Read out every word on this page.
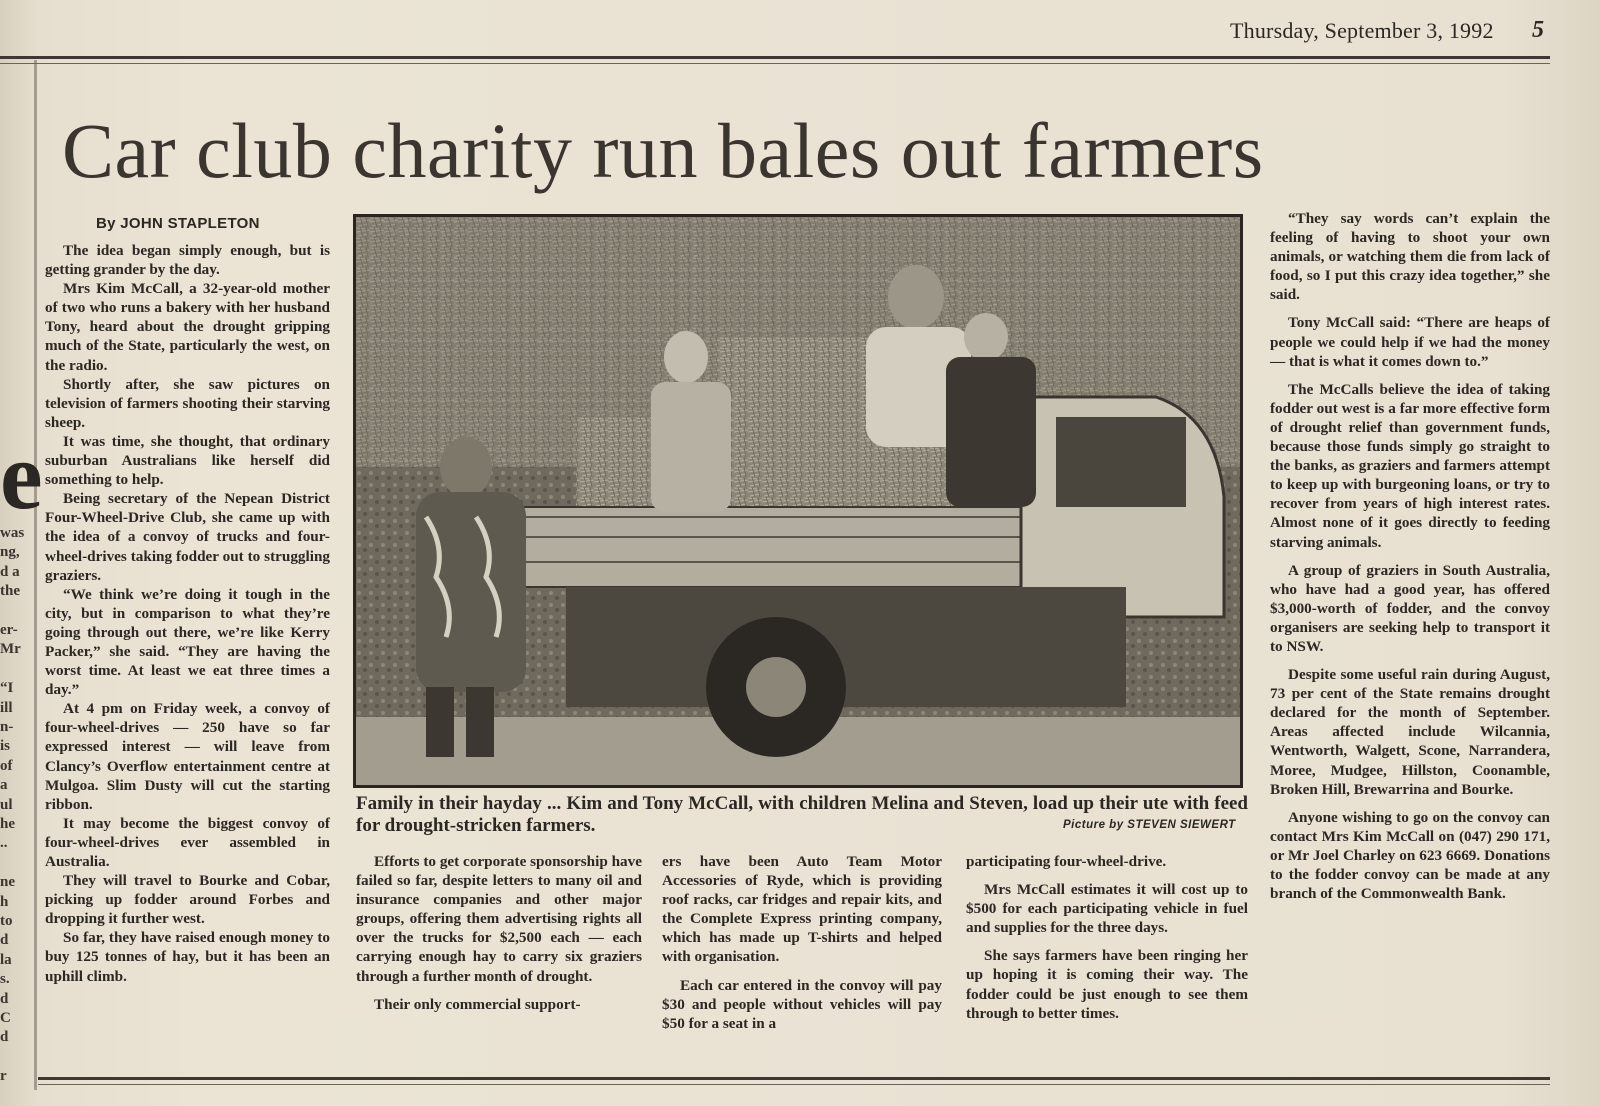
Thursday, September 3, 1992 5
e
was
ng,
d a
the
er-
Mr
“I
ill
n-
is
of
a
ul
he
..
ne
h
to
d
la
s.
d
C
d
r
Car club charity run bales out farmers
By JOHN STAPLETON

The idea began simply enough, but is getting grander by the day.

Mrs Kim McCall, a 32-year-old mother of two who runs a bakery with her husband Tony, heard about the drought gripping much of the State, particularly the west, on the radio.

Shortly after, she saw pictures on television of farmers shooting their starving sheep.

It was time, she thought, that ordinary suburban Australians like herself did something to help.

Being secretary of the Nepean District Four-Wheel-Drive Club, she came up with the idea of a convoy of trucks and four-wheel-drives taking fodder out to struggling graziers.

“We think we’re doing it tough in the city, but in comparison to what they’re going through out there, we’re like Kerry Packer,” she said. “They are having the worst time. At least we eat three times a day.”

At 4 pm on Friday week, a convoy of four-wheel-drives — 250 have so far expressed interest — will leave from Clancy’s Overflow entertainment centre at Mulgoa. Slim Dusty will cut the starting ribbon.

It may become the biggest convoy of four-wheel-drives ever assembled in Australia.

They will travel to Bourke and Cobar, picking up fodder around Forbes and dropping it further west.

So far, they have raised enough money to buy 125 tonnes of hay, but it has been an uphill climb.

Family in their hayday ... Kim and Tony McCall, with children Melina and Steven, load up their ute with feed for drought-stricken farmers.	Picture by STEVEN SIEWERT

Efforts to get corporate sponsorship have failed so far, despite letters to many oil and insurance companies and other major groups, offering them advertising rights all over the trucks for $2,500 each — each carrying enough hay to carry six graziers through a further month of drought.

Their only commercial support-

ers have been Auto Team Motor Accessories of Ryde, which is providing roof racks, car fridges and repair kits, and the Complete Express printing company, which has made up T-shirts and helped with organisation.

Each car entered in the convoy will pay $30 and people without vehicles will pay $50 for a seat in a

participating four-wheel-drive.

Mrs McCall estimates it will cost up to $500 for each participating vehicle in fuel and supplies for the three days.

She says farmers have been ringing her up hoping it is coming their way. The fodder could be just enough to see them through to better times.

“They say words can’t explain the feeling of having to shoot your own animals, or watching them die from lack of food, so I put this crazy idea together,” she said.

Tony McCall said: “There are heaps of people we could help if we had the money — that is what it comes down to.”

The McCalls believe the idea of taking fodder out west is a far more effective form of drought relief than government funds, because those funds simply go straight to the banks, as graziers and farmers attempt to keep up with burgeoning loans, or try to recover from years of high interest rates. Almost none of it goes directly to feeding starving animals.

A group of graziers in South Australia, who have had a good year, has offered $3,000-worth of fodder, and the convoy organisers are seeking help to transport it to NSW.

Despite some useful rain during August, 73 per cent of the State remains drought declared for the month of September. Areas affected include Wilcannia, Wentworth, Walgett, Scone, Narrandera, Moree, Mudgee, Hillston, Coonamble, Broken Hill, Brewarrina and Bourke.

Anyone wishing to go on the convoy can contact Mrs Kim McCall on (047) 290 171, or Mr Joel Charley on 623 6669. Donations to the fodder convoy can be made at any branch of the Commonwealth Bank.
